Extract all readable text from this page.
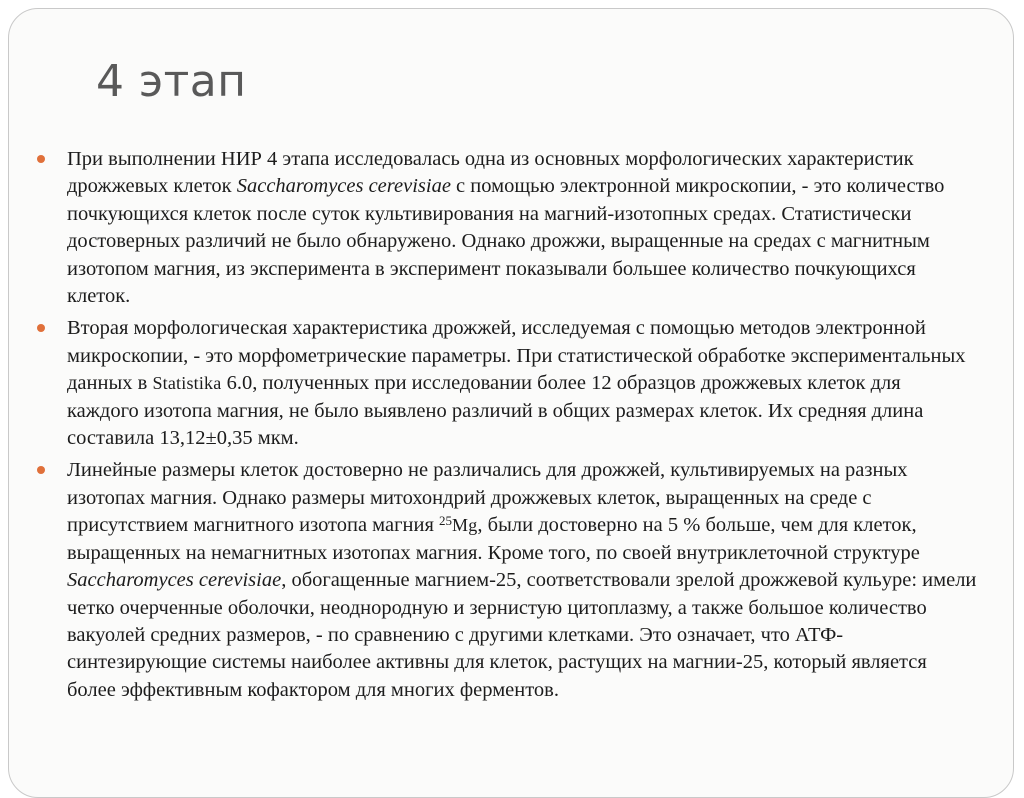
4 этап
При выполнении НИР 4 этапа исследовалась одна из основных морфологических характеристик дрожжевых клеток Saccharomyces cerevisiae с помощью электронной микроскопии, - это количество почкующихся клеток после суток культивирования на магний-изотопных средах. Статистически достоверных различий не было обнаружено. Однако дрожжи, выращенные на средах с магнитным изотопом магния, из эксперимента в эксперимент показывали большее количество почкующихся клеток.
Вторая морфологическая характеристика дрожжей, исследуемая с помощью методов электронной микроскопии, - это морфометрические параметры. При статистической обработке экспериментальных данных в Statistika 6.0, полученных при исследовании более 12 образцов дрожжевых клеток для каждого изотопа магния, не было выявлено различий в общих размерах клеток. Их средняя длина составила 13,12±0,35 мкм.
Линейные размеры клеток достоверно не различались для дрожжей, культивируемых на разных изотопах магния. Однако размеры митохондрий дрожжевых клеток, выращенных на среде с присутствием магнитного изотопа магния $^{25}$Mg, были достоверно на 5 % больше, чем для клеток, выращенных на немагнитных изотопах магния. Кроме того, по своей внутриклеточной структуре Saccharomyces cerevisiae, обогащенные магнием-25, соответствовали зрелой дрожжевой кульуре: имели четко очерченные оболочки, неоднородную и зернистую цитоплазму, а также большое количество вакуолей средних размеров, - по сравнению с другими клетками. Это означает, что АТФ-синтезирующие системы наиболее активны для клеток, растущих на магнии-25, который является более эффективным кофактором для многих ферментов.
